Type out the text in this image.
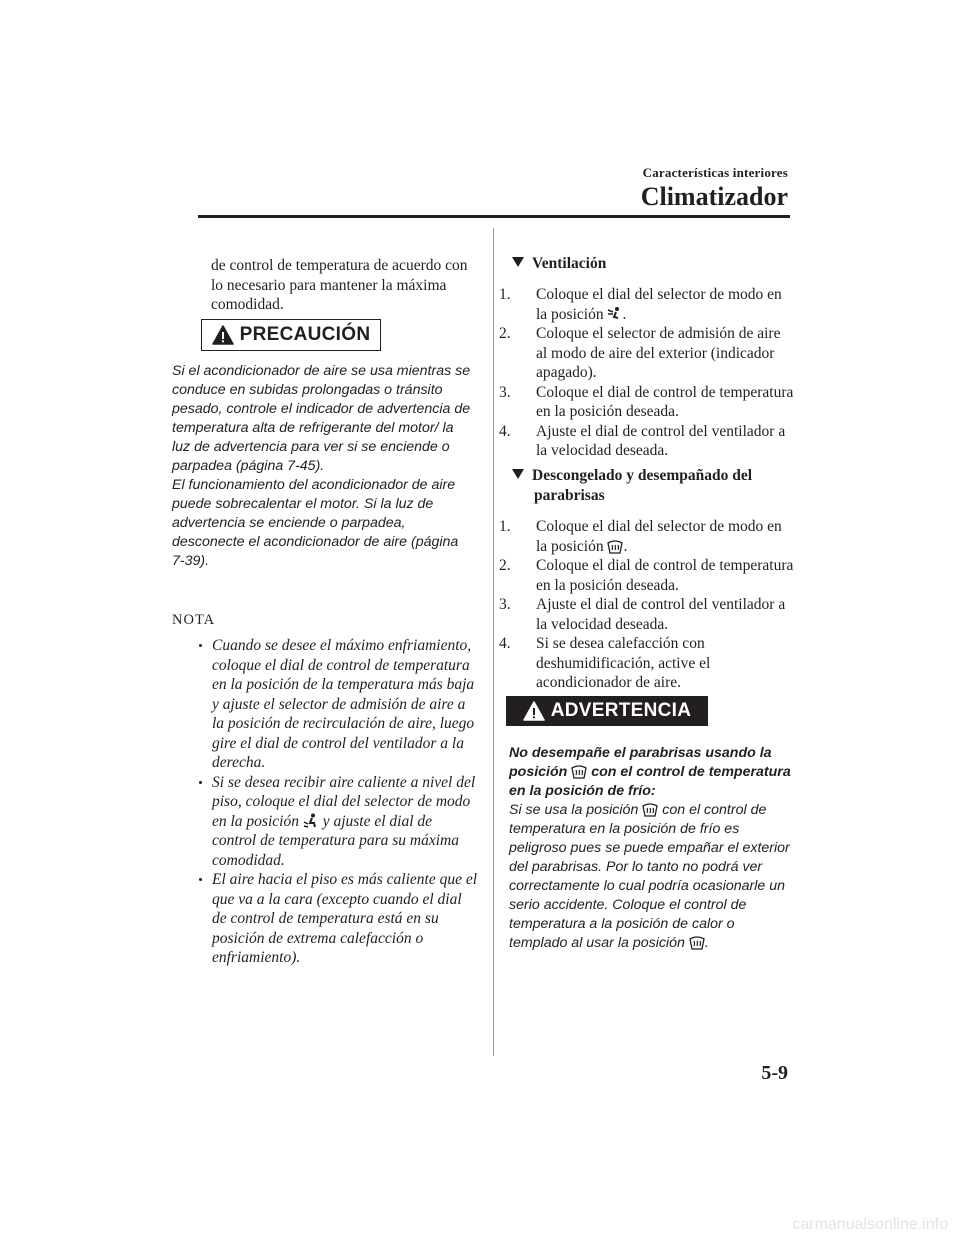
Características interiores
Climatizador

de control de temperatura de acuerdo con lo necesario para mantener la máxima comodidad.

PRECAUCIÓN
Si el acondicionador de aire se usa mientras se conduce en subidas prolongadas o tránsito pesado, controle el indicador de advertencia de temperatura alta de refrigerante del motor/ la luz de advertencia para ver si se enciende o parpadea (página 7-45).
El funcionamiento del acondicionador de aire puede sobrecalentar el motor. Si la luz de advertencia se enciende o parpadea, desconecte el acondicionador de aire (página 7-39).
NOTA
Cuando se desee el máximo enfriamiento, coloque el dial de control de temperatura en la posición de la temperatura más baja y ajuste el selector de admisión de aire a la posición de recirculación de aire, luego gire el dial de control del ventilador a la derecha.
Si se desea recibir aire caliente a nivel del piso, coloque el dial del selector de modo en la posición y ajuste el dial de control de temperatura para su máxima comodidad.
El aire hacia el piso es más caliente que el que va a la cara (excepto cuando el dial de control de temperatura está en su posición de extrema calefacción o enfriamiento).
Ventilación
1. Coloque el dial del selector de modo en la posición .
2. Coloque el selector de admisión de aire al modo de aire del exterior (indicador apagado).
3. Coloque el dial de control de temperatura en la posición deseada.
4. Ajuste el dial de control del ventilador a la velocidad deseada.
Descongelado y desempañado del parabrisas
1. Coloque el dial del selector de modo en la posición .
2. Coloque el dial de control de temperatura en la posición deseada.
3. Ajuste el dial de control del ventilador a la velocidad deseada.
4. Si se desea calefacción con deshumidificación, active el acondicionador de aire.
ADVERTENCIA
No desempañe el parabrisas usando la posición con el control de temperatura en la posición de frío:
Si se usa la posición con el control de temperatura en la posición de frío es peligroso pues se puede empañar el exterior del parabrisas. Por lo tanto no podrá ver correctamente lo cual podría ocasionarle un serio accidente. Coloque el control de temperatura a la posición de calor o templado al usar la posición .
5-9
carmanualsonline.info
